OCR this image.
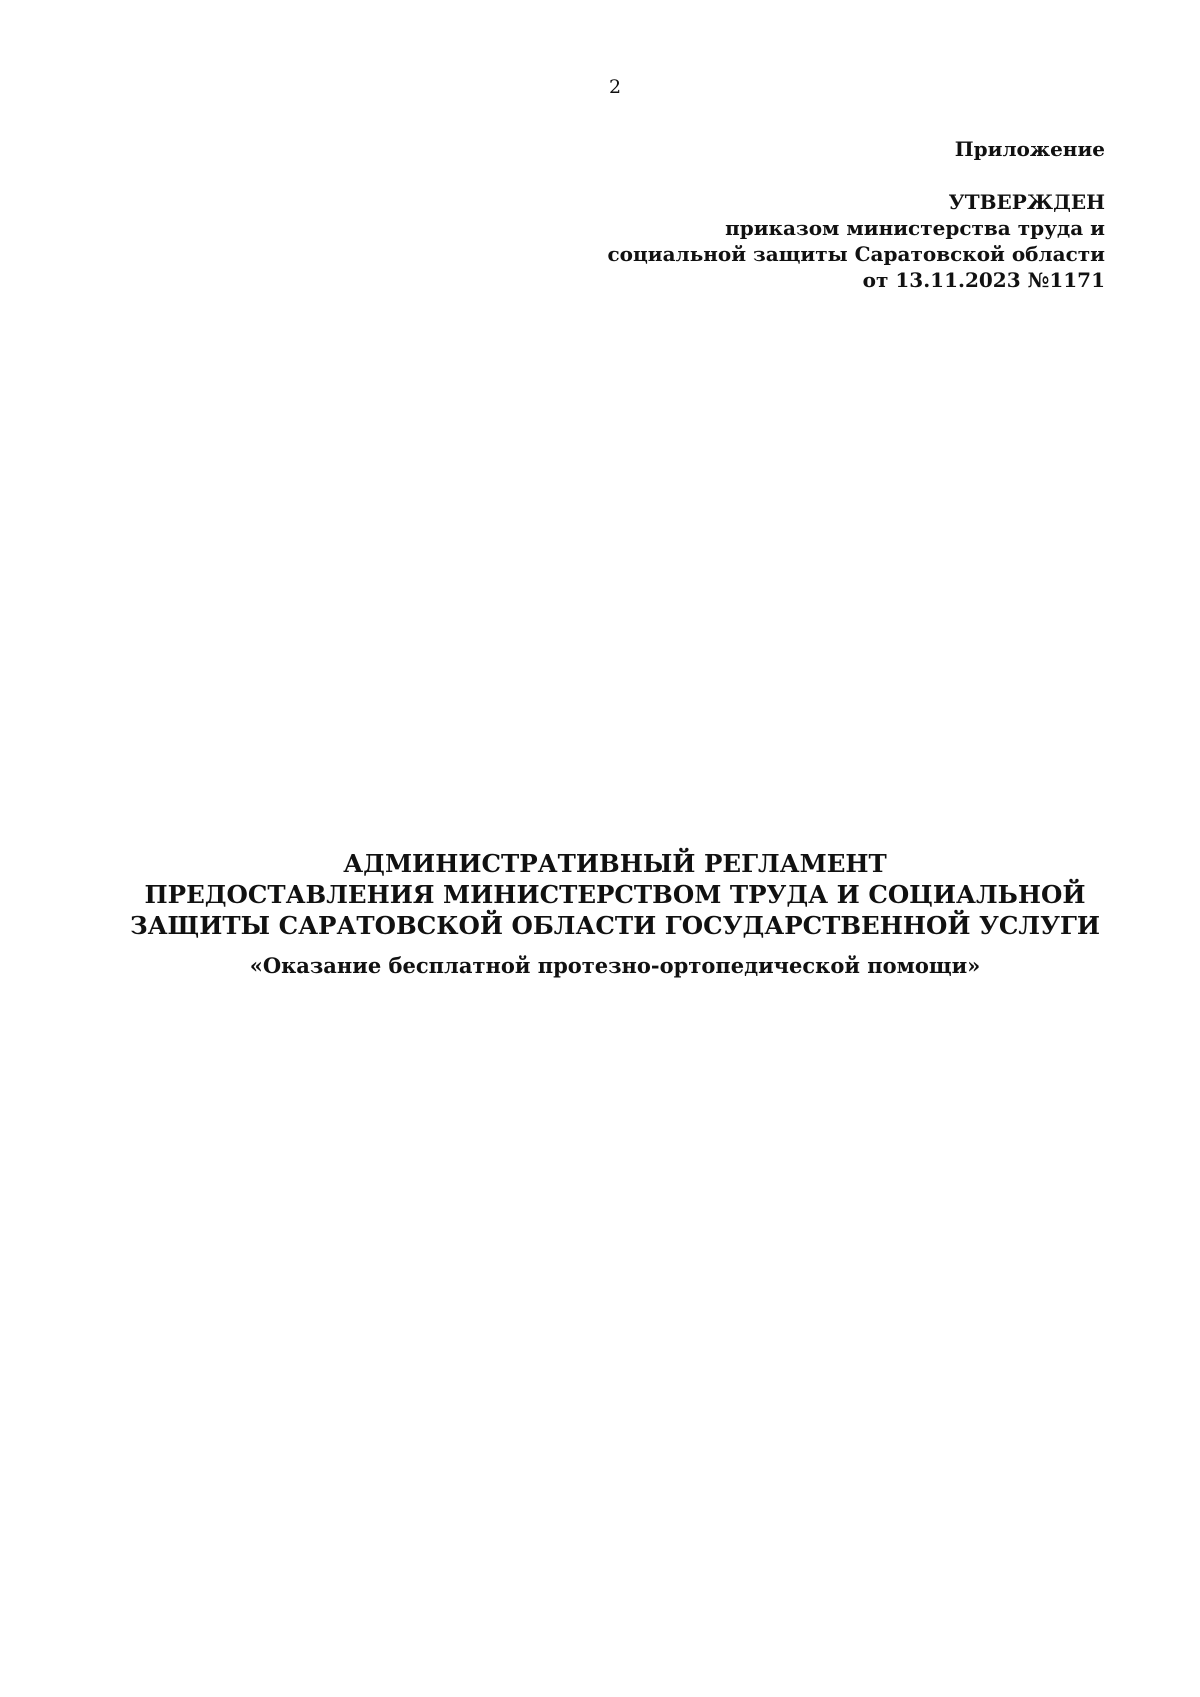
2
Приложение
УТВЕРЖДЕН
приказом министерства труда и
социальной защиты Саратовской области
от 13.11.2023 №1171
АДМИНИСТРАТИВНЫЙ РЕГЛАМЕНТ
ПРЕДОСТАВЛЕНИЯ МИНИСТЕРСТВОМ ТРУДА И СОЦИАЛЬНОЙ
ЗАЩИТЫ САРАТОВСКОЙ ОБЛАСТИ ГОСУДАРСТВЕННОЙ УСЛУГИ
«Оказание бесплатной протезно-ортопедической помощи»
